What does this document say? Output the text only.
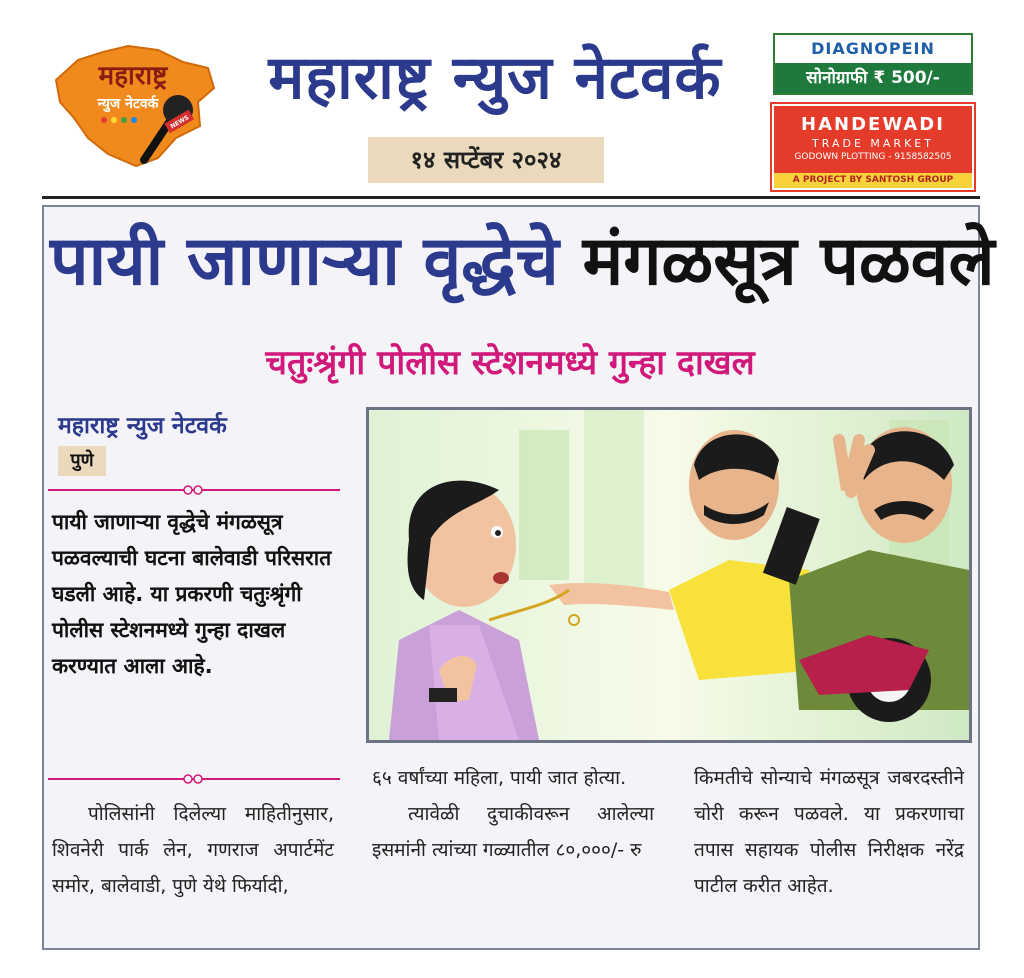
महाराष्ट्र
न्युज नेटवर्क
NEWS
महाराष्ट्र न्युज नेटवर्क
१४ सप्टेंबर २०२४
DIAGNOPEIN
सोनोग्राफी ₹ 500/-
HANDEWADI
TRADE MARKET
GODOWN PLOTTING - 9158582505
A PROJECT BY SANTOSH GROUP
पायी जाणाऱ्या वृद्धेचे मंगळसूत्र पळवले
चतुःश्रृंगी पोलीस स्टेशनमध्ये गुन्हा दाखल
महाराष्ट्र न्युज नेटवर्क
पुणे
पायी जाणाऱ्या वृद्धेचे मंगळसूत्र पळवल्याची घटना बालेवाडी परिसरात घडली आहे. या प्रकरणी चतुःश्रृंगी पोलीस स्टेशनमध्ये गुन्हा दाखल करण्यात आला आहे.

पोलिसांनी दिलेल्या माहितीनुसार, शिवनेरी पार्क लेन, गणराज अपार्टमेंट समोर, बालेवाडी, पुणे येथे फिर्यादी,

६५ वर्षांच्या महिला, पायी जात होत्या.

त्यावेळी दुचाकीवरून आलेल्या इसमांनी त्यांच्या गळ्यातील ८०,०००/- रु

किमतीचे सोन्याचे मंगळसूत्र जबरदस्तीने चोरी करून पळवले. या प्रकरणाचा तपास सहायक पोलीस निरीक्षक नरेंद्र पाटील करीत आहेत.
